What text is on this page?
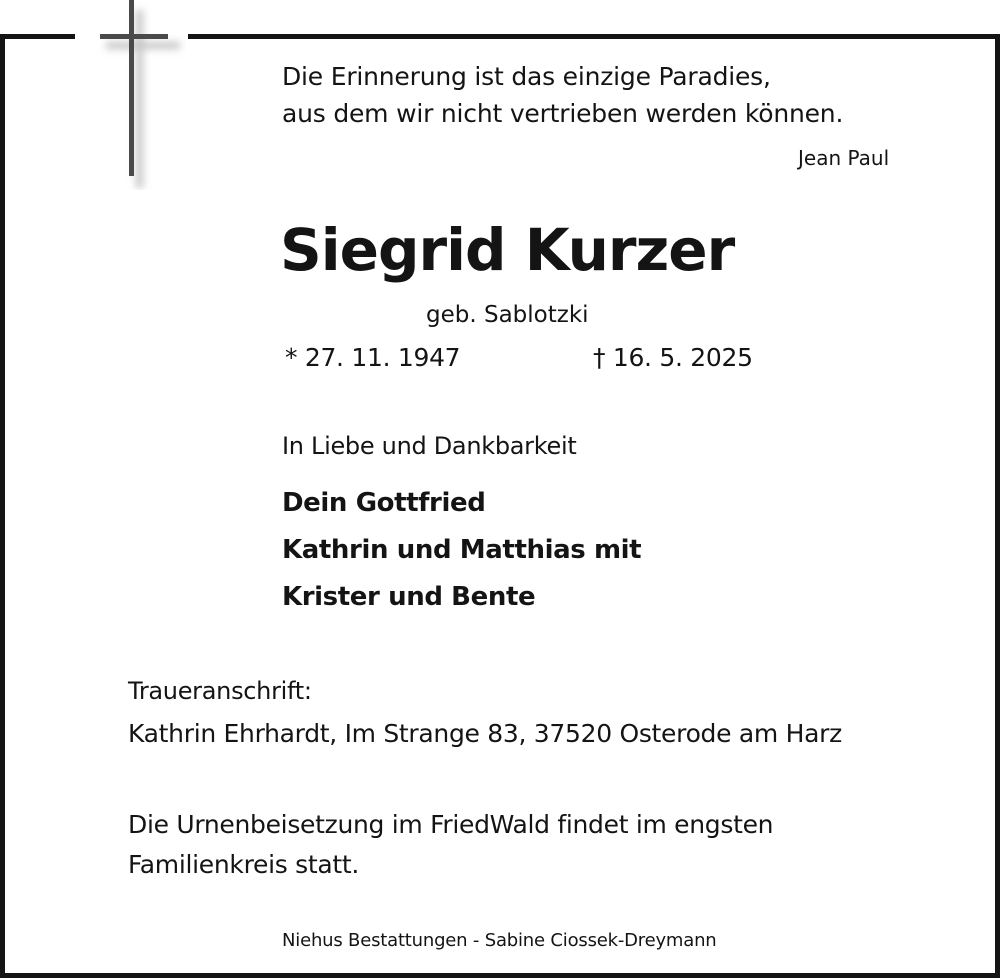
Die Erinnerung ist das einzige Paradies,
aus dem wir nicht vertrieben werden können.
Jean Paul
Siegrid Kurzer
geb. Sablotzki
* 27. 11. 1947	† 16. 5. 2025
In Liebe und Dankbarkeit
Dein Gottfried
Kathrin und Matthias mit
Krister und Bente
Traueranschrift:
Kathrin Ehrhardt, Im Strange 83, 37520 Osterode am Harz
Die Urnenbeisetzung im FriedWald findet im engsten
Familienkreis statt.
Niehus Bestattungen - Sabine Ciossek-Dreymann
